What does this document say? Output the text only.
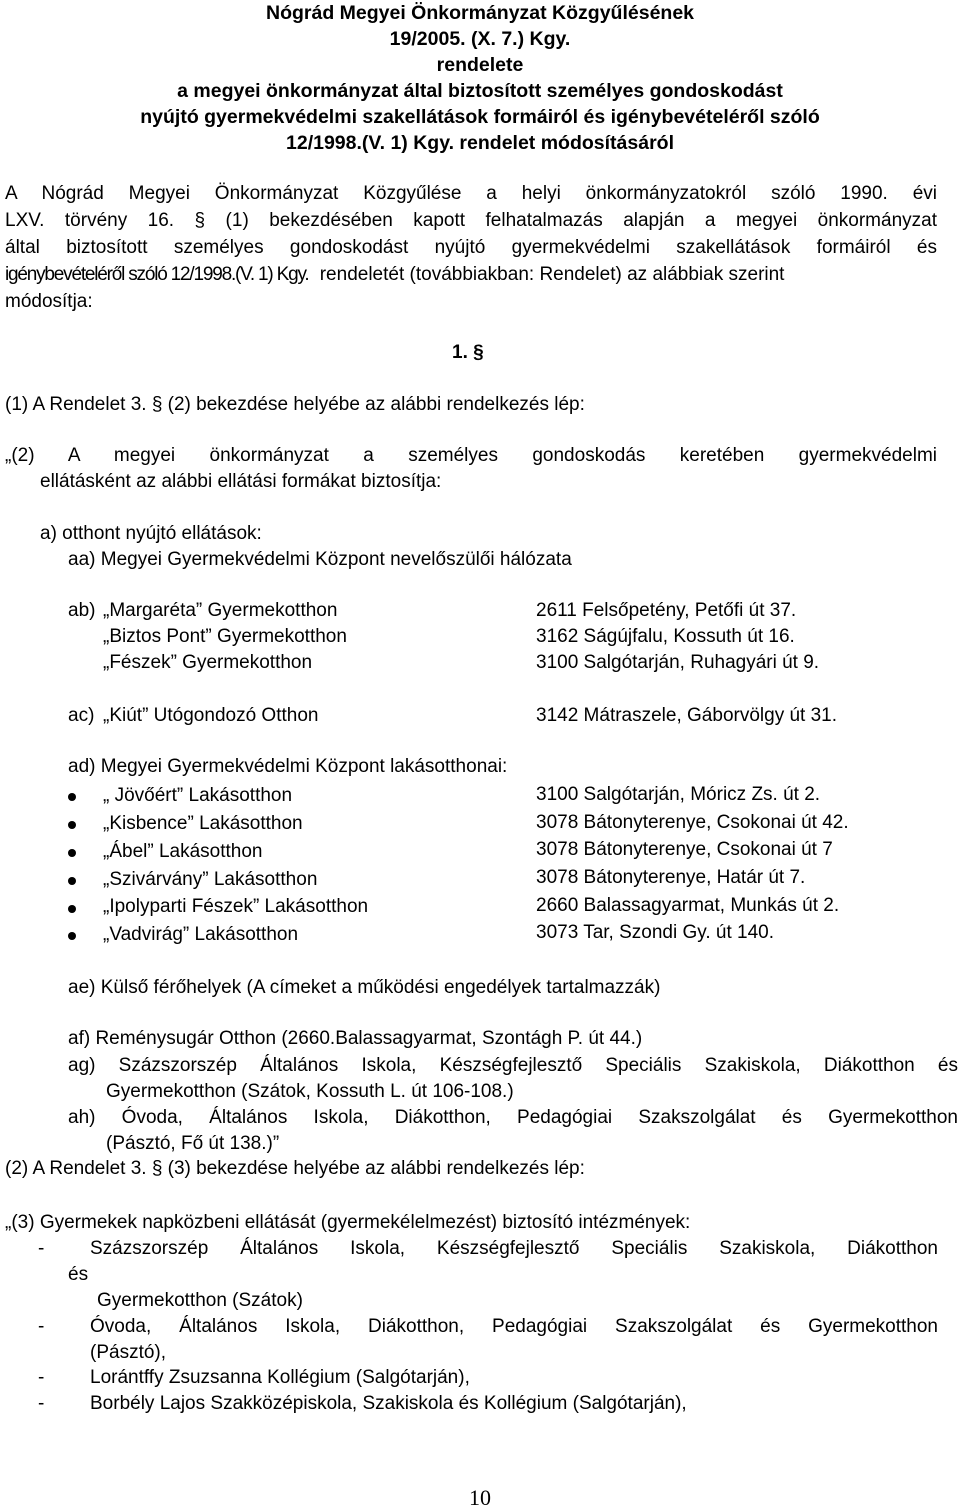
Nógrád Megyei Önkormányzat Közgyűlésének
19/2005. (X. 7.) Kgy.
rendelete
a megyei önkormányzat által biztosított személyes gondoskodást
nyújtó gyermekvédelmi szakellátások formáiról és igénybevételéről szóló
12/1998.(V. 1) Kgy. rendelet módosításáról
A Nógrád Megyei Önkormányzat Közgyűlése a helyi önkormányzatokról szóló 1990. évi
LXV. törvény 16. § (1) bekezdésében kapott felhatalmazás alapján a megyei önkormányzat
által biztosított személyes gondoskodást nyújtó gyermekvédelmi szakellátások formáiról és
igénybevételéről szóló 12/1998.(V. 1) Kgy. rendeletét (továbbiakban: Rendelet) az alábbiak szerint
módosítja:
1. §
(1) A Rendelet 3. § (2) bekezdése helyébe az alábbi rendelkezés lép:
„(2) A megyei önkormányzat a személyes gondoskodás keretében gyermekvédelmi
ellátásként az alábbi ellátási formákat biztosítja:
a) otthont nyújtó ellátások:
aa) Megyei Gyermekvédelmi Központ nevelőszülői hálózata
ab) „Margaréta” Gyermekotthon	2611 Felsőpetény, Petőfi út 37.
„Biztos Pont” Gyermekotthon	3162 Ságújfalu, Kossuth út 16.
„Fészek” Gyermekotthon	3100 Salgótarján, Ruhagyári út 9.
ac) „Kiút” Utógondozó Otthon	3142 Mátraszele, Gáborvölgy út 31.
ad) Megyei Gyermekvédelmi Központ lakásotthonai:
„ Jövőért” Lakásotthon	3100 Salgótarján, Móricz Zs. út 2.
„Kisbence” Lakásotthon	3078 Bátonyterenye, Csokonai út 42.
„Ábel” Lakásotthon	3078 Bátonyterenye, Csokonai út 7
„Szivárvány” Lakásotthon	3078 Bátonyterenye, Határ út 7.
„Ipolyparti Fészek” Lakásotthon	2660 Balassagyarmat, Munkás út 2.
„Vadvirág” Lakásotthon	3073 Tar, Szondi Gy. út 140.
ae) Külső férőhelyek (A címeket a működési engedélyek tartalmazzák)
af) Reménysugár Otthon (2660.Balassagyarmat, Szontágh P. út 44.)
ag) Százszorszép Általános Iskola, Készségfejlesztő Speciális Szakiskola, Diákotthon és
Gyermekotthon (Szátok, Kossuth L. út 106-108.)
ah) Óvoda, Általános Iskola, Diákotthon, Pedagógiai Szakszolgálat és Gyermekotthon
(Pásztó, Fő út 138.)”
(2) A Rendelet 3. § (3) bekezdése helyébe az alábbi rendelkezés lép:
„(3) Gyermekek napközbeni ellátását (gyermekélelmezést) biztosító intézmények:
- Százszorszép Általános Iskola, Készségfejlesztő Speciális Szakiskola, Diákotthon
és
Gyermekotthon (Szátok)
- Óvoda, Általános Iskola, Diákotthon, Pedagógiai Szakszolgálat és Gyermekotthon
(Pásztó),
- Lorántffy Zsuzsanna Kollégium (Salgótarján),
- Borbély Lajos Szakközépiskola, Szakiskola és Kollégium (Salgótarján),
10
